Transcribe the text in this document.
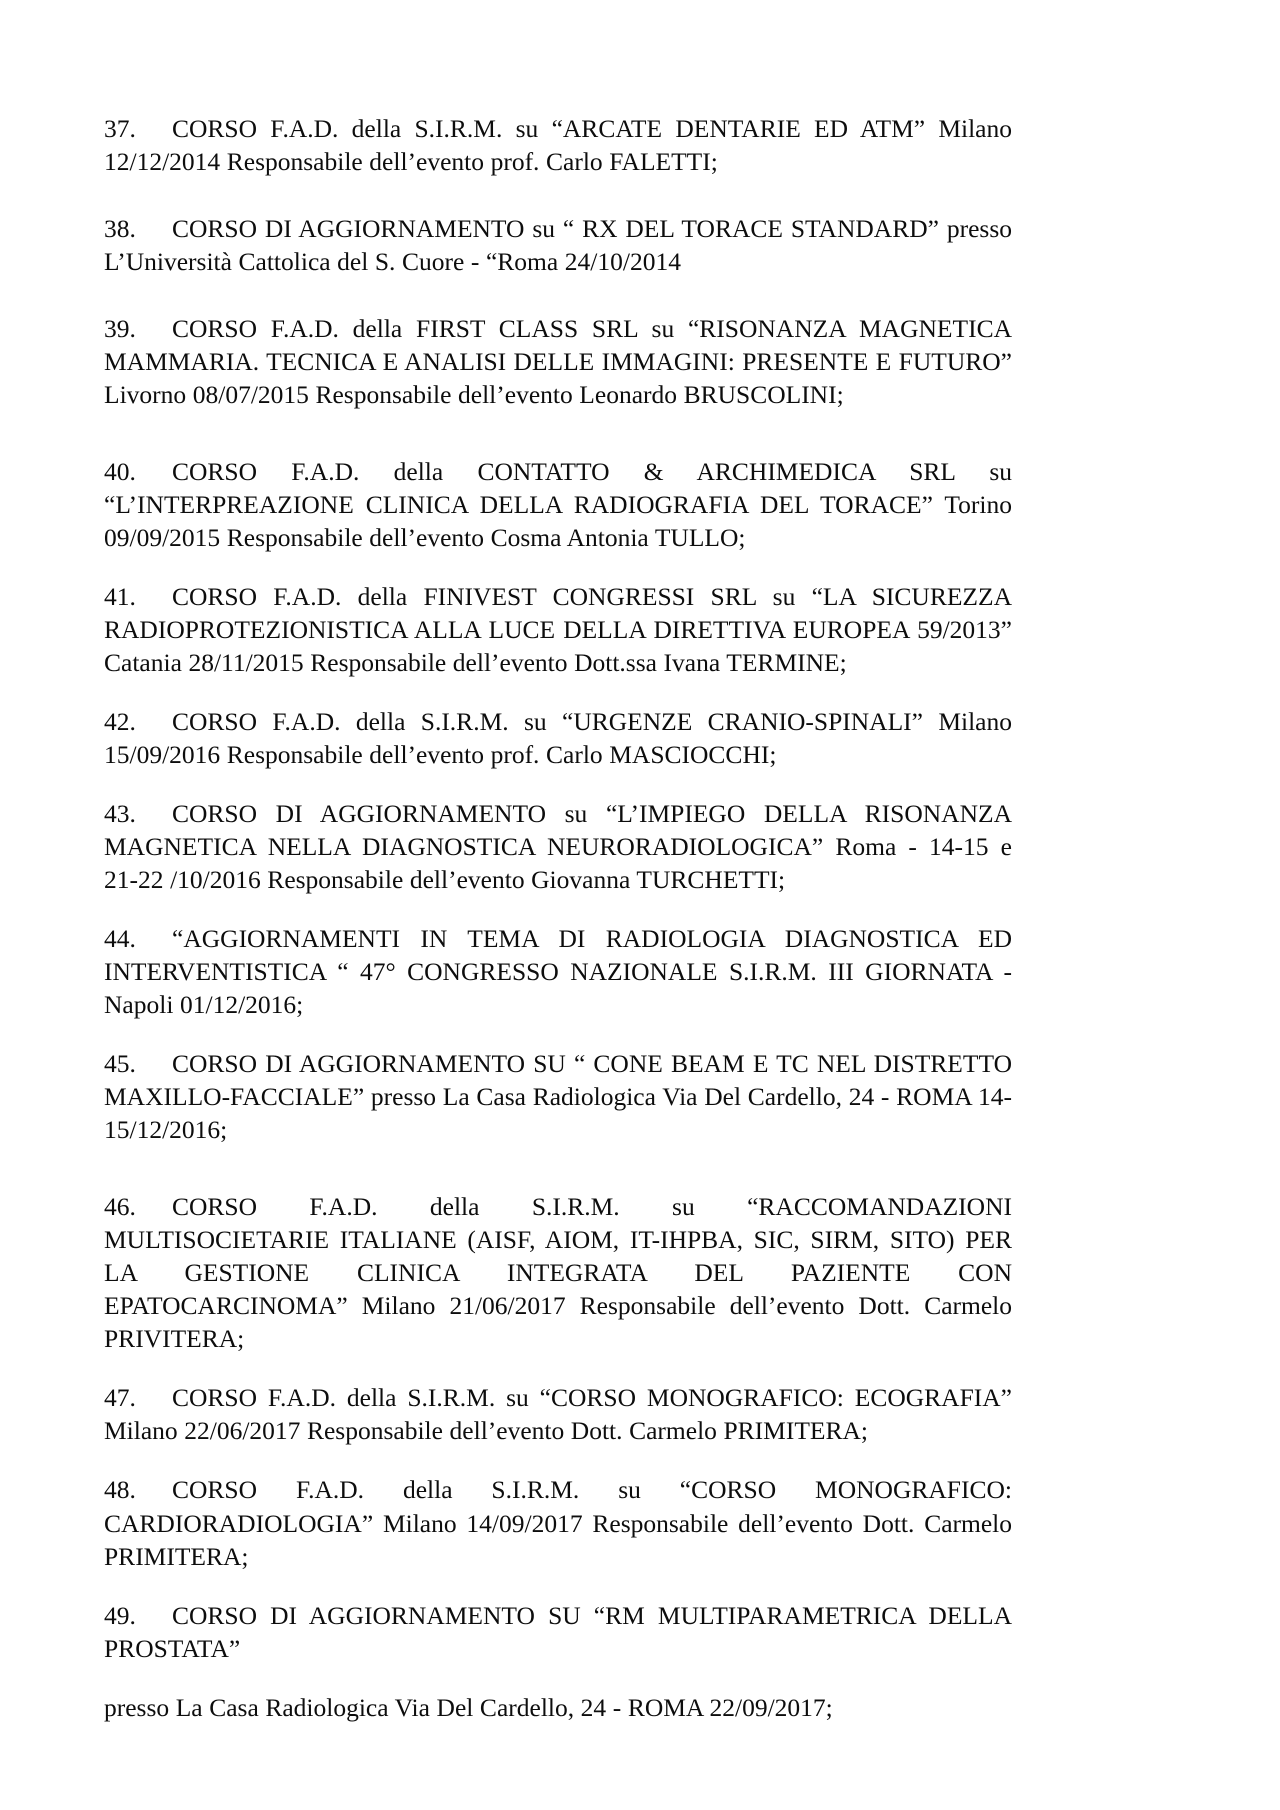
37. CORSO F.A.D. della S.I.R.M. su “ARCATE DENTARIE ED ATM” Milano 12/12/2014 Responsabile dell’evento prof. Carlo FALETTI;

38. CORSO DI AGGIORNAMENTO su “ RX DEL TORACE STANDARD” presso L’Università Cattolica del S. Cuore - “Roma 24/10/2014

39. CORSO F.A.D. della FIRST CLASS SRL su “RISONANZA MAGNETICA MAMMARIA. TECNICA E ANALISI DELLE IMMAGINI: PRESENTE E FUTURO” Livorno 08/07/2015 Responsabile dell’evento Leonardo BRUSCOLINI;

40. CORSO F.A.D. della CONTATTO & ARCHIMEDICA SRL su “L’INTERPREAZIONE CLINICA DELLA RADIOGRAFIA DEL TORACE” Torino 09/09/2015 Responsabile dell’evento Cosma Antonia TULLO;

41. CORSO F.A.D. della FINIVEST CONGRESSI SRL su “LA SICUREZZA RADIOPROTEZIONISTICA ALLA LUCE DELLA DIRETTIVA EUROPEA 59/2013” Catania 28/11/2015 Responsabile dell’evento Dott.ssa Ivana TERMINE;

42. CORSO F.A.D. della S.I.R.M. su “URGENZE CRANIO-SPINALI” Milano 15/09/2016 Responsabile dell’evento prof. Carlo MASCIOCCHI;

43. CORSO DI AGGIORNAMENTO su “L’IMPIEGO DELLA RISONANZA MAGNETICA NELLA DIAGNOSTICA NEURORADIOLOGICA” Roma - 14-15 e 21-22 /10/2016 Responsabile dell’evento Giovanna TURCHETTI;

44. “AGGIORNAMENTI IN TEMA DI RADIOLOGIA DIAGNOSTICA ED INTERVENTISTICA “ 47° CONGRESSO NAZIONALE S.I.R.M. III GIORNATA - Napoli 01/12/2016;

45. CORSO DI AGGIORNAMENTO SU “ CONE BEAM E TC NEL DISTRETTO MAXILLO-FACCIALE” presso La Casa Radiologica Via Del Cardello, 24 - ROMA 14-15/12/2016;

46. CORSO F.A.D. della S.I.R.M. su “RACCOMANDAZIONI MULTISOCIETARIE ITALIANE (AISF, AIOM, IT-IHPBA, SIC, SIRM, SITO) PER LA GESTIONE CLINICA INTEGRATA DEL PAZIENTE CON EPATOCARCINOMA” Milano 21/06/2017 Responsabile dell’evento Dott. Carmelo PRIVITERA;

47. CORSO F.A.D. della S.I.R.M. su “CORSO MONOGRAFICO: ECOGRAFIA” Milano 22/06/2017 Responsabile dell’evento Dott. Carmelo PRIMITERA;

48. CORSO F.A.D. della S.I.R.M. su “CORSO MONOGRAFICO: CARDIORADIOLOGIA” Milano 14/09/2017 Responsabile dell’evento Dott. Carmelo PRIMITERA;

49. CORSO DI AGGIORNAMENTO SU “RM MULTIPARAMETRICA DELLA PROSTATA”

presso La Casa Radiologica Via Del Cardello, 24 - ROMA 22/09/2017;
